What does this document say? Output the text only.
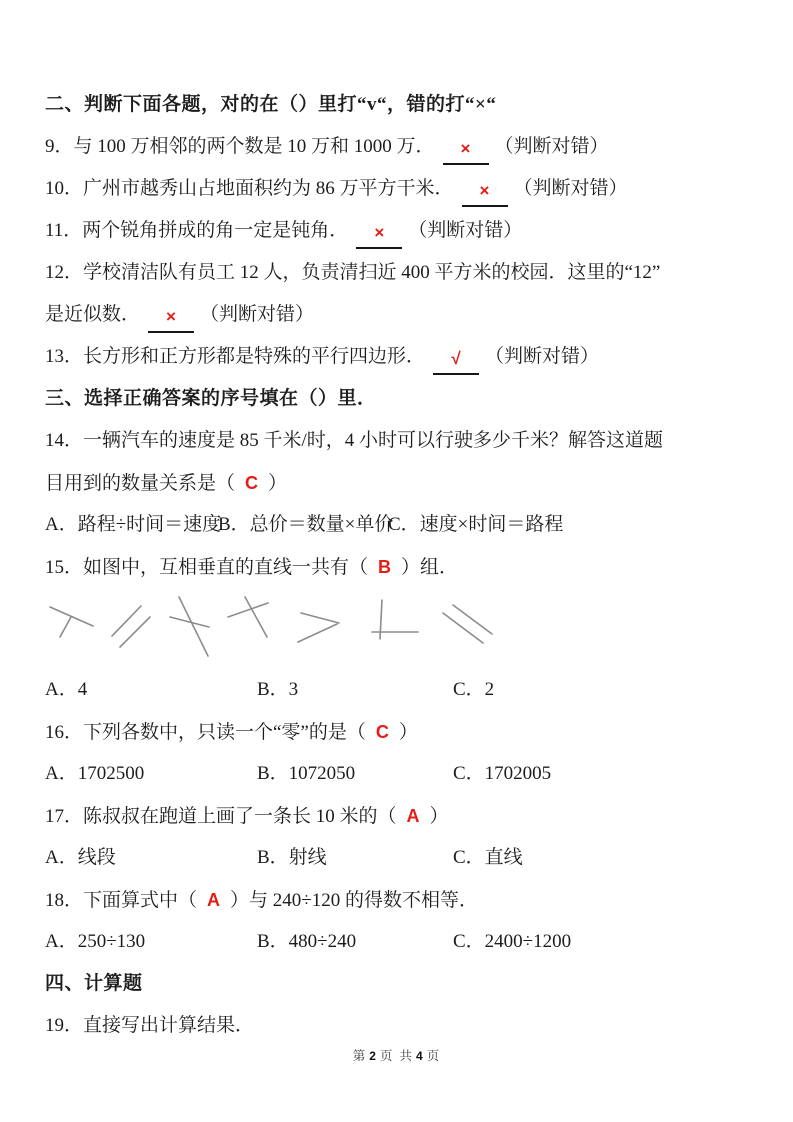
二、判断下面各题，对的在（）里打“v“，错的打“×“

9．与 100 万相邻的两个数是 10 万和 1000 万． × （判断对错）

10．广州市越秀山占地面积约为 86 万平方干米． × （判断对错）

11．两个锐角拼成的角一定是钝角． × （判断对错）

12．学校清洁队有员工 12 人，负责清扫近 400 平方米的校园．这里的“12”

是近似数． × （判断对错）

13．长方形和正方形都是特殊的平行四边形． √ （判断对错）

三、选择正确答案的序号填在（）里．

14．一辆汽车的速度是 85 千米/时，4 小时可以行驶多少千米？解答这道题

目用到的数量关系是（ C ）

A．路程÷时间＝速度
B．总价＝数量×单价
C．速度×时间＝路程

15．如图中，互相垂直的直线一共有（ B ）组．

A．4	B．3	C．2

16．下列各数中，只读一个“零”的是（ C ）

A．1702500	B．1072050	C．1702005

17．陈叔叔在跑道上画了一条长 10 米的（ A ）

A．线段	B．射线	C．直线

18．下面算式中（ A ）与 240÷120 的得数不相等．

A．250÷130	B．480÷240	C．2400÷1200

四、计算题

19．直接写出计算结果．

第 2 页 共 4 页
